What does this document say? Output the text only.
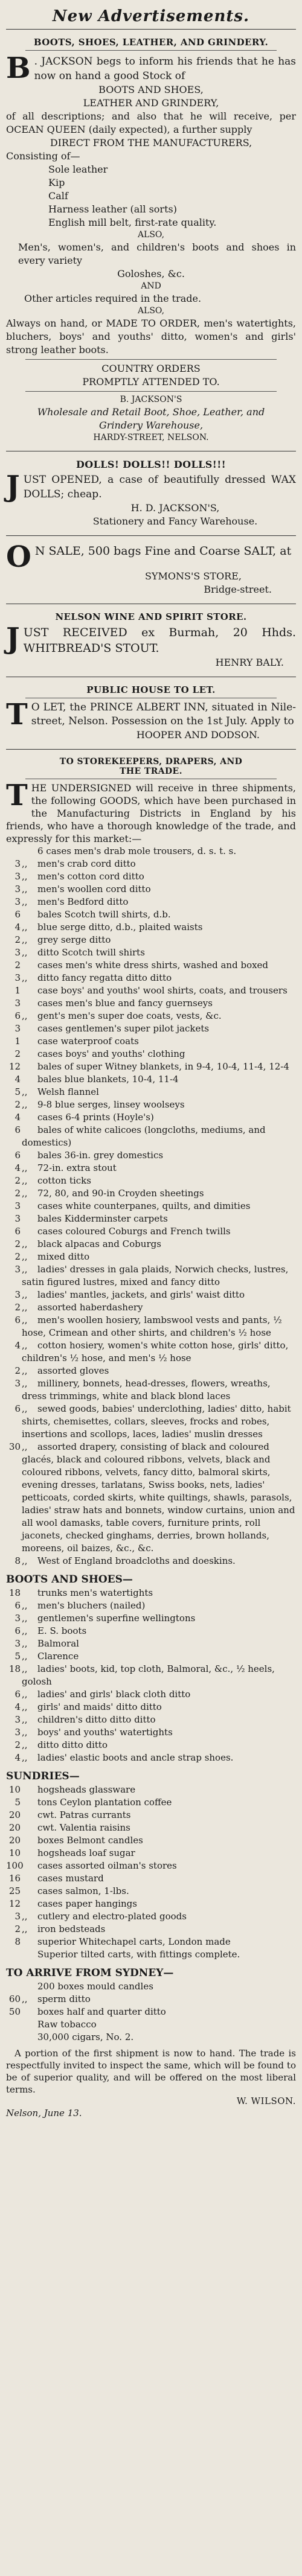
New Advertisements.
BOOTS, SHOES, LEATHER, AND GRINDERY.
B . JACKSON begs to inform his friends that he has now on hand a good Stock of
BOOTS AND SHOES,
LEATHER AND GRINDERY,
of all descriptions; and also that he will receive, per OCEAN QUEEN (daily expected), a further supply
DIRECT FROM THE MANUFACTURERS,
Consisting of—
Sole leather
Kip
Calf
Harness leather (all sorts)
English mill belt, first-rate quality.
ALSO,
Men's, women's, and children's boots and shoes in every variety
Goloshes, &c.
AND
Other articles required in the trade.
ALSO,
Always on hand, or MADE TO ORDER, men's watertights, bluchers, boys' and youths' ditto, women's and girls' strong leather boots.
COUNTRY ORDERS
PROMPTLY ATTENDED TO.
B. JACKSON'S
Wholesale and Retail Boot, Shoe, Leather, and
Grindery Warehouse,
HARDY-STREET, NELSON.
DOLLS! DOLLS!! DOLLS!!!
JUST OPENED, a case of beautifully dressed WAX DOLLS; cheap.
H. D. JACKSON'S,
Stationery and Fancy Warehouse.
O N SALE, 500 bags Fine and Coarse SALT, at
SYMONS'S STORE,
Bridge-street.
NELSON WINE AND SPIRIT STORE.
JUST RECEIVED ex Burmah, 20 Hhds. WHITBREAD'S STOUT.
HENRY BALY.
PUBLIC HOUSE TO LET.
T O LET, the PRINCE ALBERT INN, situated in Nile-street, Nelson. Possession on the 1st July. Apply to
HOOPER AND DODSON.
TO STOREKEEPERS, DRAPERS, AND
THE TRADE.
THE UNDERSIGNED will receive in three shipments, the following GOODS, which have been purchased in the Manufacturing Districts in England by his friends, who have a thorough knowledge of the trade, and expressly for this market:—
6 cases men's drab mole trousers, d. s. t. s.
3 ,, men's crab cord ditto
3 ,, men's cotton cord ditto
3 ,, men's woollen cord ditto
3 ,, men's Bedford ditto
6 bales Scotch twill shirts, d.b.
4 ,, blue serge ditto, d.b., plaited waists
2 ,, grey serge ditto
3 ,, ditto Scotch twill shirts
2 cases men's white dress shirts, washed and boxed
3 ,, ditto fancy regatta ditto ditto
1 case boys' and youths' wool shirts, coats, and trousers
3 cases men's blue and fancy guernseys
6 ,, gent's men's super doe coats, vests, &c.
3 cases gentlemen's super pilot jackets
1 case waterproof coats
2 cases boys' and youths' clothing
12 bales of super Witney blankets, in 9-4, 10-4, 11-4, 12-4
4 bales blue blankets, 10-4, 11-4
5 ,, Welsh flannel
2 ,, 9-8 blue serges, linsey woolseys
4 cases 6-4 prints (Hoyle's)
6 bales of white calicoes (longcloths, mediums, and domestics)
6 bales 36-in. grey domestics
4 ,, 72-in. extra stout
2 ,, cotton ticks
2 ,, 72, 80, and 90-in Croyden sheetings
3 cases white counterpanes, quilts, and dimities
3 bales Kidderminster carpets
6 cases coloured Coburgs and French twills
2 ,, black alpacas and Coburgs
2 ,, mixed ditto
3 ,, ladies' dresses in gala plaids, Norwich checks, lustres, satin figured lustres, mixed and fancy ditto
3 ,, ladies' mantles, jackets, and girls' waist ditto
2 ,, assorted haberdashery
6 ,, men's woollen hosiery, lambswool vests and pants, ½ hose, Crimean and other shirts, and children's ½ hose
4 ,, cotton hosiery, women's white cotton hose, girls' ditto, children's ½ hose, and men's ½ hose
2 ,, assorted gloves
3 ,, millinery, bonnets, head-dresses, flowers, wreaths, dress trimmings, white and black blond laces
6 ,, sewed goods, babies' underclothing, ladies' ditto, habit shirts, chemisettes, collars, sleeves, frocks and robes, insertions and scollops, laces, ladies' muslin dresses
30 ,, assorted drapery, consisting of black and coloured glacés, black and coloured ribbons, velvets, black and coloured ribbons, velvets, fancy ditto, balmoral skirts, evening dresses, tarlatans, Swiss books, nets, ladies' petticoats, corded skirts, white quiltings, shawls, parasols, ladies' straw hats and bonnets, window curtains, union and all wool damasks, table covers, furniture prints, roll jaconets, checked ginghams, derries, brown hollands, moreens, oil baizes, &c., &c.
8 ,, West of England broadcloths and doeskins.
BOOTS AND SHOES—
18 trunks men's watertights
6 ,, men's bluchers (nailed)
3 ,, gentlemen's superfine wellingtons
6 ,, E. S. boots
3 ,, Balmoral
5 ,, Clarence
18 ,, ladies' boots, kid, top cloth, Balmoral, &c., ½ heels, golosh
6 ,, ladies' and girls' black cloth ditto
4 ,, girls' and maids' ditto ditto
3 ,, children's ditto ditto ditto
3 ,, boys' and youths' watertights
2 ,, ditto ditto ditto
4 ,, ladies' elastic boots and ancle strap shoes.
SUNDRIES—
10 hogsheads glassware
5 tons Ceylon plantation coffee
20 cwt. Patras currants
20 cwt. Valentia raisins
20 boxes Belmont candles
10 hogsheads loaf sugar
100 cases assorted oilman's stores
16 cases mustard
25 cases salmon, 1-lbs.
12 cases paper hangings
3 ,, cutlery and electro-plated goods
2 ,, iron bedsteads
8 superior Whitechapel carts, London made
Superior tilted carts, with fittings complete.
TO ARRIVE FROM SYDNEY—
200 boxes mould candles
60 ,, sperm ditto
50 boxes half and quarter ditto
Raw tobacco
30,000 cigars, No. 2.
A portion of the first shipment is now to hand. The trade is respectfully invited to inspect the same, which will be found to be of superior quality, and will be offered on the most liberal terms.
W. WILSON.
Nelson, June 13.
